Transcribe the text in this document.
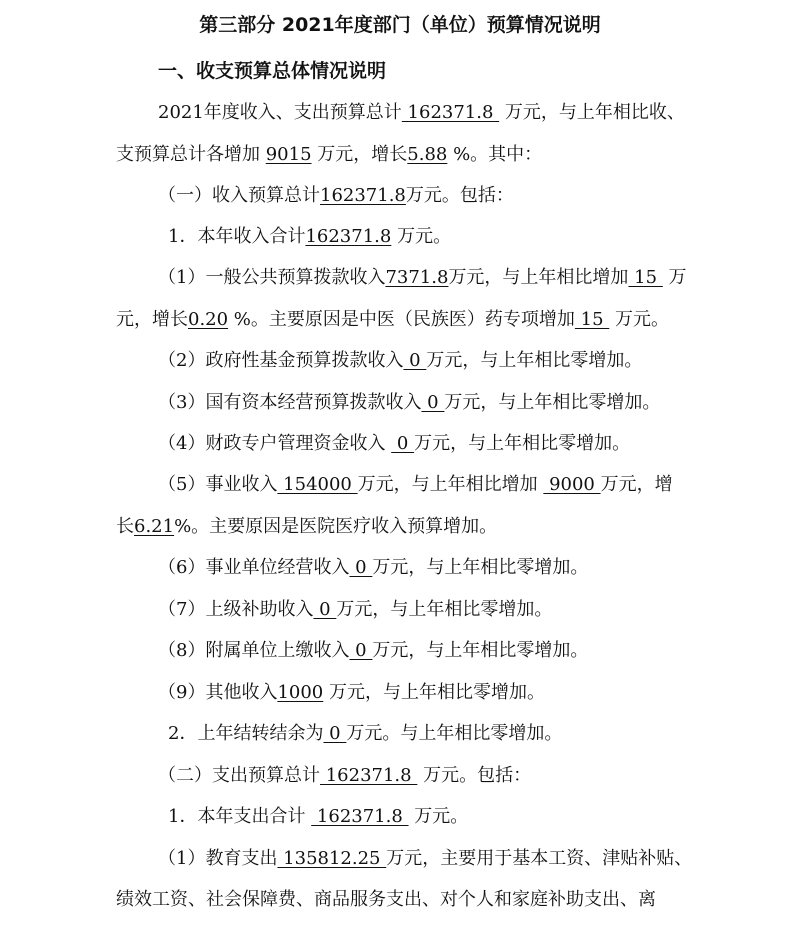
第三部分 2021年度部门（单位）预算情况说明
一、收支预算总体情况说明
2021年度收入、支出预算总计 162371.8  万元，与上年相比收、
支预算总计各增加 9015 万元，增长5.88 %。其中：
（一）收入预算总计162371.8万元。包括：
1．本年收入合计162371.8 万元。
（1）一般公共预算拨款收入7371.8万元，与上年相比增加 15  万
元，增长0.20 %。主要原因是中医（民族医）药专项增加 15  万元。
（2）政府性基金预算拨款收入 0 万元，与上年相比零增加。
（3）国有资本经营预算拨款收入 0 万元，与上年相比零增加。
（4）财政专户管理资金收入  0 万元，与上年相比零增加。
（5）事业收入 154000 万元，与上年相比增加  9000 万元，增
长6.21%。主要原因是医院医疗收入预算增加。
（6）事业单位经营收入 0 万元，与上年相比零增加。
（7）上级补助收入 0 万元，与上年相比零增加。
（8）附属单位上缴收入 0 万元，与上年相比零增加。
（9）其他收入1000 万元，与上年相比零增加。
2．上年结转结余为 0 万元。与上年相比零增加。
（二）支出预算总计 162371.8  万元。包括：
1．本年支出合计  162371.8  万元。
（1）教育支出 135812.25 万元，主要用于基本工资、津贴补贴、
绩效工资、社会保障费、商品服务支出、对个人和家庭补助支出、离
